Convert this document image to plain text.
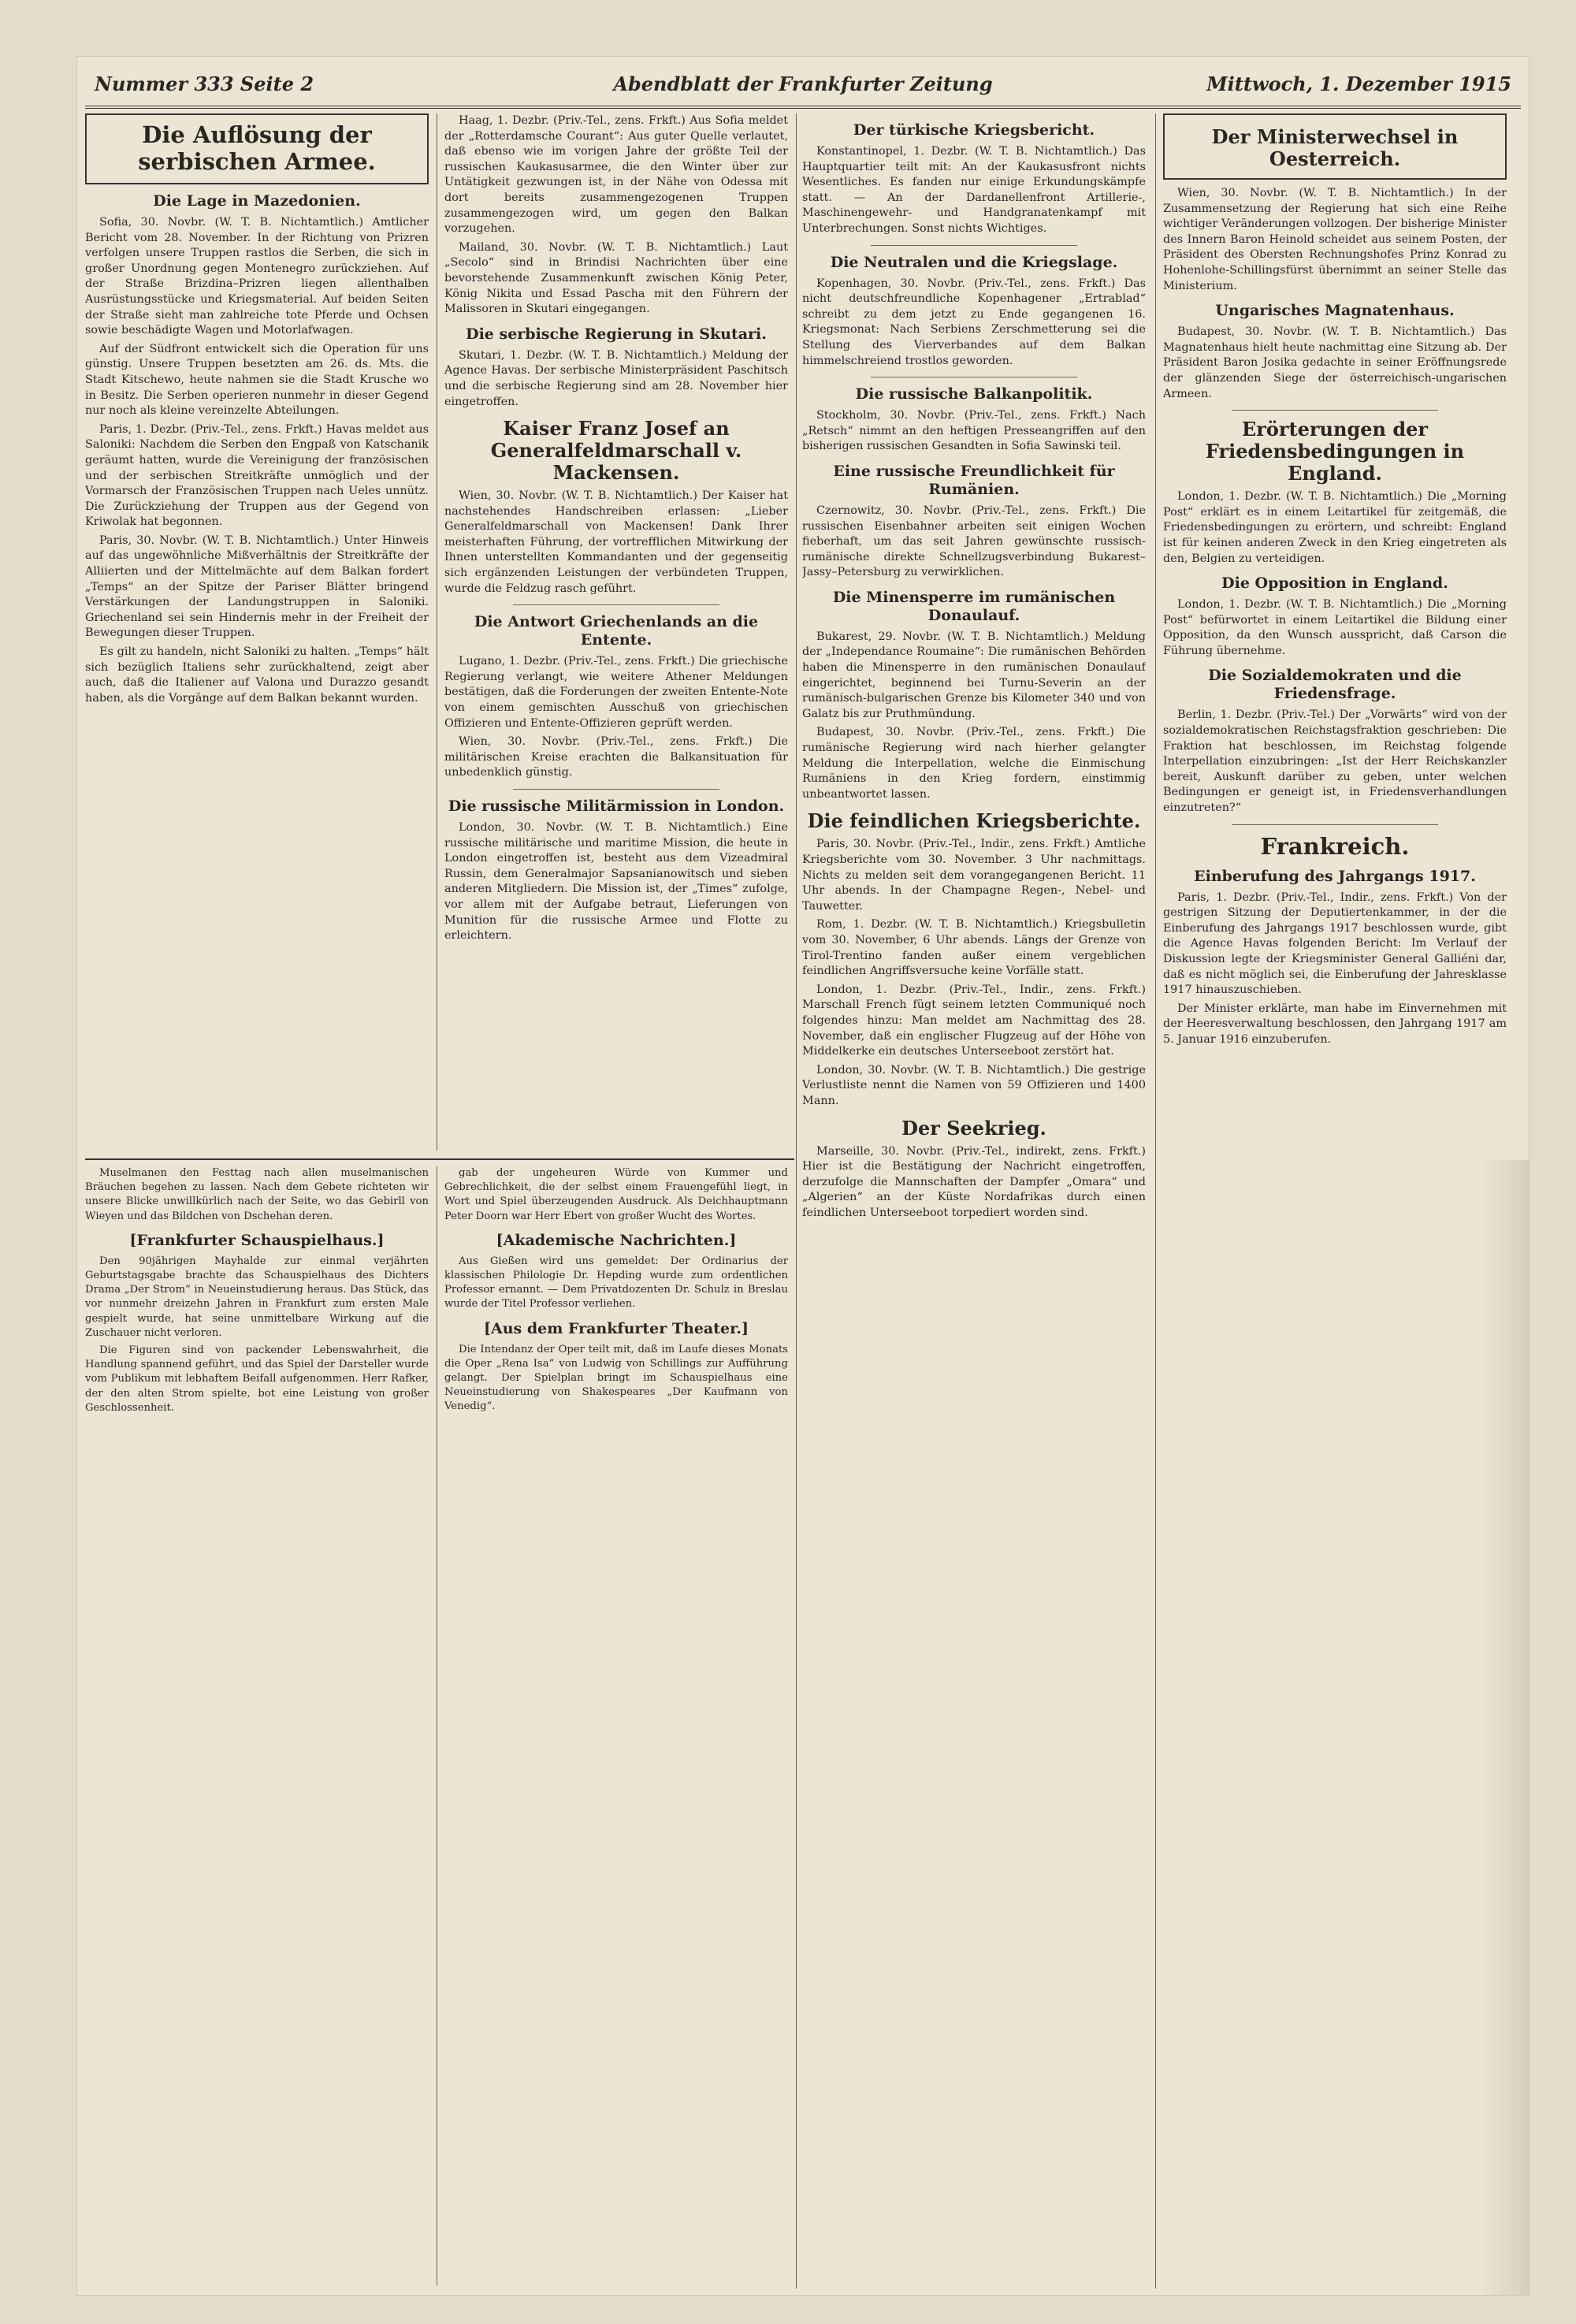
Nummer 333 Seite 2	Abendblatt der Frankfurter Zeitung	Mittwoch, 1. Dezember 1915
Die Auflösung der serbischen Armee.
Die Lage in Mazedonien.

Sofia, 30. Novbr. (W. T. B. Nichtamtlich.) Amtlicher Bericht vom 28. November. In der Richtung von Prizren verfolgen unsere Truppen rastlos die Serben, die sich in großer Unordnung gegen Montenegro zurückziehen. Auf der Straße Brizdina–Prizren liegen allenthalben Ausrüstungsstücke und Kriegsmaterial. Auf beiden Seiten der Straße sieht man zahlreiche tote Pferde und Ochsen sowie beschädigte Wagen und Motorlafwagen.

Auf der Südfront entwickelt sich die Operation für uns günstig. Unsere Truppen besetzten am 26. ds. Mts. die Stadt Kitschewo, heute nahmen sie die Stadt Krusche wo in Besitz. Die Serben operieren nunmehr in dieser Gegend nur noch als kleine vereinzelte Abteilungen.

Paris, 1. Dezbr. (Priv.-Tel., zens. Frkft.) Havas meldet aus Saloniki: Nachdem die Serben den Engpaß von Katschanik geräumt hatten, wurde die Vereinigung der französischen und der serbischen Streitkräfte unmöglich und der Vormarsch der Französischen Truppen nach Ueles unnütz. Die Zurückziehung der Truppen aus der Gegend von Kriwolak hat begonnen.

Paris, 30. Novbr. (W. T. B. Nichtamtlich.) Unter Hinweis auf das ungewöhnliche Mißverhältnis der Streitkräfte der Alliierten und der Mittelmächte auf dem Balkan fordert „Temps“ an der Spitze der Pariser Blätter bringend Verstärkungen der Landungstruppen in Saloniki. Griechenland sei sein Hindernis mehr in der Freiheit der Bewegungen dieser Truppen.

Es gilt zu handeln, nicht Saloniki zu halten. „Temps“ hält sich bezüglich Italiens sehr zurückhaltend, zeigt aber auch, daß die Italiener auf Valona und Durazzo gesandt haben, als die Vorgänge auf dem Balkan bekannt wurden.

Haag, 1. Dezbr. (Priv.-Tel., zens. Frkft.) Aus Sofia meldet der „Rotterdamsche Courant“: Aus guter Quelle verlautet, daß ebenso wie im vorigen Jahre der größte Teil der russischen Kaukasusarmee, die den Winter über zur Untätigkeit gezwungen ist, in der Nähe von Odessa mit dort bereits zusammengezogenen Truppen zusammengezogen wird, um gegen den Balkan vorzugehen.

Mailand, 30. Novbr. (W. T. B. Nichtamtlich.) Laut „Secolo“ sind in Brindisi Nachrichten über eine bevorstehende Zusammenkunft zwischen König Peter, König Nikita und Essad Pascha mit den Führern der Malissoren in Skutari eingegangen.

Die serbische Regierung in Skutari.

Skutari, 1. Dezbr. (W. T. B. Nichtamtlich.) Meldung der Agence Havas. Der serbische Ministerpräsident Paschitsch und die serbische Regierung sind am 28. November hier eingetroffen.

Kaiser Franz Josef an Generalfeldmarschall v. Mackensen.

Wien, 30. Novbr. (W. T. B. Nichtamtlich.) Der Kaiser hat nachstehendes Handschreiben erlassen: „Lieber Generalfeldmarschall von Mackensen! Dank Ihrer meisterhaften Führung, der vortrefflichen Mitwirkung der Ihnen unterstellten Kommandanten und der gegenseitig sich ergänzenden Leistungen der verbündeten Truppen, wurde die Feldzug rasch geführt.

Die Antwort Griechenlands an die Entente.

Lugano, 1. Dezbr. (Priv.-Tel., zens. Frkft.) Die griechische Regierung verlangt, wie weitere Athener Meldungen bestätigen, daß die Forderungen der zweiten Entente-Note von einem gemischten Ausschuß von griechischen Offizieren und Entente-Offizieren geprüft werden.

Wien, 30. Novbr. (Priv.-Tel., zens. Frkft.) Die militärischen Kreise erachten die Balkansituation für unbedenklich günstig.

Die russische Militärmission in London.

London, 30. Novbr. (W. T. B. Nichtamtlich.) Eine russische militärische und maritime Mission, die heute in London eingetroffen ist, besteht aus dem Vizeadmiral Russin, dem Generalmajor Sapsanianowitsch und sieben anderen Mitgliedern. Die Mission ist, der „Times“ zufolge, vor allem mit der Aufgabe betraut, Lieferungen von Munition für die russische Armee und Flotte zu erleichtern.

Der türkische Kriegsbericht.

Konstantinopel, 1. Dezbr. (W. T. B. Nichtamtlich.) Das Hauptquartier teilt mit: An der Kaukasusfront nichts Wesentliches. Es fanden nur einige Erkundungskämpfe statt. — An der Dardanellenfront Artillerie-, Maschinengewehr- und Handgranatenkampf mit Unterbrechungen. Sonst nichts Wichtiges.

Die Neutralen und die Kriegslage.

Kopenhagen, 30. Novbr. (Priv.-Tel., zens. Frkft.) Das nicht deutschfreundliche Kopenhagener „Ertrablad“ schreibt zu dem jetzt zu Ende gegangenen 16. Kriegsmonat: Nach Serbiens Zerschmetterung sei die Stellung des Vierverbandes auf dem Balkan himmelschreiend trostlos geworden.

Die russische Balkanpolitik.

Stockholm, 30. Novbr. (Priv.-Tel., zens. Frkft.) Nach „Retsch“ nimmt an den heftigen Presseangriffen auf den bisherigen russischen Gesandten in Sofia Sawinski teil.

Eine russische Freundlichkeit für Rumänien.

Czernowitz, 30. Novbr. (Priv.-Tel., zens. Frkft.) Die russischen Eisenbahner arbeiten seit einigen Wochen fieberhaft, um das seit Jahren gewünschte russisch-rumänische direkte Schnellzugsverbindung Bukarest–Jassy–Petersburg zu verwirklichen.

Die Minensperre im rumänischen Donaulauf.

Bukarest, 29. Novbr. (W. T. B. Nichtamtlich.) Meldung der „Independance Roumaine“: Die rumänischen Behörden haben die Minensperre in den rumänischen Donaulauf eingerichtet, beginnend bei Turnu-Severin an der rumänisch-bulgarischen Grenze bis Kilometer 340 und von Galatz bis zur Pruthmündung.

Budapest, 30. Novbr. (Priv.-Tel., zens. Frkft.) Die rumänische Regierung wird nach hierher gelangter Meldung die Interpellation, welche die Einmischung Rumäniens in den Krieg fordern, einstimmig unbeantwortet lassen.

Die feindlichen Kriegsberichte.

Paris, 30. Novbr. (Priv.-Tel., Indir., zens. Frkft.) Amtliche Kriegsberichte vom 30. November. 3 Uhr nachmittags. Nichts zu melden seit dem vorangegangenen Bericht. 11 Uhr abends. In der Champagne Regen-, Nebel- und Tauwetter.

Rom, 1. Dezbr. (W. T. B. Nichtamtlich.) Kriegsbulletin vom 30. November, 6 Uhr abends. Längs der Grenze von Tirol-Trentino fanden außer einem vergeblichen feindlichen Angriffsversuche keine Vorfälle statt.

London, 1. Dezbr. (Priv.-Tel., Indir., zens. Frkft.) Marschall French fügt seinem letzten Communiqué noch folgendes hinzu: Man meldet am Nachmittag des 28. November, daß ein englischer Flugzeug auf der Höhe von Middelkerke ein deutsches Unterseeboot zerstört hat.

London, 30. Novbr. (W. T. B. Nichtamtlich.) Die gestrige Verlustliste nennt die Namen von 59 Offizieren und 1400 Mann.

Der Seekrieg.

Marseille, 30. Novbr. (Priv.-Tel., indirekt, zens. Frkft.) Hier ist die Bestätigung der Nachricht eingetroffen, derzufolge die Mannschaften der Dampfer „Omara“ und „Algerien“ an der Küste Nordafrikas durch einen feindlichen Unterseeboot torpediert worden sind.

Der Ministerwechsel in Oesterreich.

Wien, 30. Novbr. (W. T. B. Nichtamtlich.) In der Zusammensetzung der Regierung hat sich eine Reihe wichtiger Veränderungen vollzogen. Der bisherige Minister des Innern Baron Heinold scheidet aus seinem Posten, der Präsident des Obersten Rechnungshofes Prinz Konrad zu Hohenlohe-Schillingsfürst übernimmt an seiner Stelle das Ministerium.

Ungarisches Magnatenhaus.

Budapest, 30. Novbr. (W. T. B. Nichtamtlich.) Das Magnatenhaus hielt heute nachmittag eine Sitzung ab. Der Präsident Baron Josika gedachte in seiner Eröffnungsrede der glänzenden Siege der österreichisch-ungarischen Armeen.

Erörterungen der Friedensbedingungen in England.

London, 1. Dezbr. (W. T. B. Nichtamtlich.) Die „Morning Post“ erklärt es in einem Leitartikel für zeitgemäß, die Friedensbedingungen zu erörtern, und schreibt: England ist für keinen anderen Zweck in den Krieg eingetreten als den, Belgien zu verteidigen.

Die Opposition in England.

London, 1. Dezbr. (W. T. B. Nichtamtlich.) Die „Morning Post“ befürwortet in einem Leitartikel die Bildung einer Opposition, da den Wunsch ausspricht, daß Carson die Führung übernehme.

Die Sozialdemokraten und die Friedensfrage.

Berlin, 1. Dezbr. (Priv.-Tel.) Der „Vorwärts“ wird von der sozialdemokratischen Reichstagsfraktion geschrieben: Die Fraktion hat beschlossen, im Reichstag folgende Interpellation einzubringen: „Ist der Herr Reichskanzler bereit, Auskunft darüber zu geben, unter welchen Bedingungen er geneigt ist, in Friedensverhandlungen einzutreten?“

Frankreich.
Einberufung des Jahrgangs 1917.

Paris, 1. Dezbr. (Priv.-Tel., Indir., zens. Frkft.) Von der gestrigen Sitzung der Deputiertenkammer, in der die Einberufung des Jahrgangs 1917 beschlossen wurde, gibt die Agence Havas folgenden Bericht: Im Verlauf der Diskussion legte der Kriegsminister General Galliéni dar, daß es nicht möglich sei, die Einberufung der Jahresklasse 1917 hinauszuschieben.

Der Minister erklärte, man habe im Einvernehmen mit der Heeresverwaltung beschlossen, den Jahrgang 1917 am 5. Januar 1916 einzuberufen.

Muselmanen den Festtag nach allen muselmanischen Bräuchen begehen zu lassen. Nach dem Gebete richteten wir unsere Blicke unwillkürlich nach der Seite, wo das Gebirll von Wieyen und das Bildchen von Dschehan deren.

[Frankfurter Schauspielhaus.]

Den 90jährigen Mayhalde zur einmal verjährten Geburtstagsgabe brachte das Schauspielhaus des Dichters Drama „Der Strom“ in Neueinstudierung heraus. Das Stück, das vor nunmehr dreizehn Jahren in Frankfurt zum ersten Male gespielt wurde, hat seine unmittelbare Wirkung auf die Zuschauer nicht verloren.

Die Figuren sind von packender Lebenswahrheit, die Handlung spannend geführt, und das Spiel der Darsteller wurde vom Publikum mit lebhaftem Beifall aufgenommen. Herr Rafker, der den alten Strom spielte, bot eine Leistung von großer Geschlossenheit.

gab der ungeheuren Würde von Kummer und Gebrechlichkeit, die der selbst einem Frauengefühl liegt, in Wort und Spiel überzeugenden Ausdruck. Als Deichhauptmann Peter Doorn war Herr Ebert von großer Wucht des Wortes.

[Akademische Nachrichten.]

Aus Gießen wird uns gemeldet: Der Ordinarius der klassischen Philologie Dr. Hepding wurde zum ordentlichen Professor ernannt. — Dem Privatdozenten Dr. Schulz in Breslau wurde der Titel Professor verliehen.

[Aus dem Frankfurter Theater.]

Die Intendanz der Oper teilt mit, daß im Laufe dieses Monats die Oper „Rena Isa“ von Ludwig von Schillings zur Aufführung gelangt. Der Spielplan bringt im Schauspielhaus eine Neueinstudierung von Shakespeares „Der Kaufmann von Venedig“.
